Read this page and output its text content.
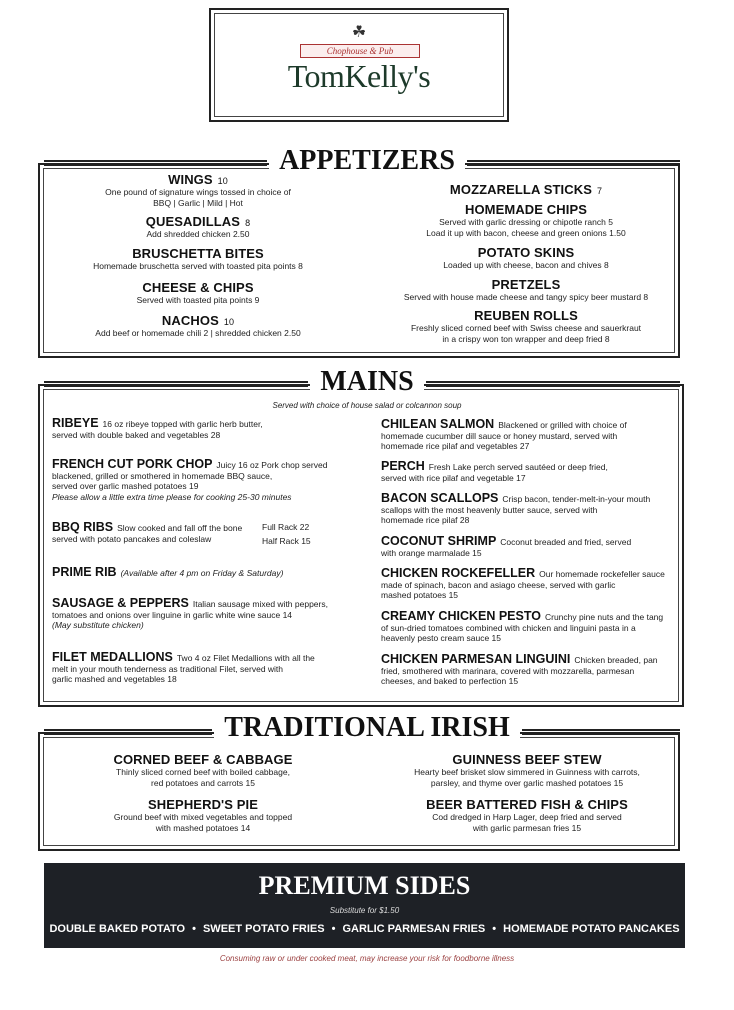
☘
Chophouse & Pub
TomKelly's
APPETIZERS
WINGS 10
One pound of signature wings tossed in choice of
BBQ | Garlic | Mild | Hot
QUESADILLAS 8
Add shredded chicken 2.50
BRUSCHETTA BITES
Homemade bruschetta served with toasted pita points 8
CHEESE & CHIPS
Served with toasted pita points 9
NACHOS 10
Add beef or homemade chili 2 | shredded chicken 2.50
MOZZARELLA STICKS 7
HOMEMADE CHIPS
Served with garlic dressing or chipotle ranch 5
Load it up with bacon, cheese and green onions 1.50
POTATO SKINS
Loaded up with cheese, bacon and chives 8
PRETZELS
Served with house made cheese and tangy spicy beer mustard 8
REUBEN ROLLS
Freshly sliced corned beef with Swiss cheese and sauerkraut
in a crispy won ton wrapper and deep fried 8
MAINS
Served with choice of house salad or colcannon soup
RIBEYE 16 oz ribeye topped with garlic herb butter,
served with double baked and vegetables 28
FRENCH CUT PORK CHOP Juicy 16 oz Pork chop served
blackened, grilled or smothered in homemade BBQ sauce,
served over garlic mashed potatoes 19
Please allow a little extra time please for cooking 25-30 minutes
BBQ RIBS Slow cooked and fall off the bone Full Rack 22
served with potato pancakes and coleslaw	Half Rack 15
PRIME RIB (Available after 4 pm on Friday & Saturday)
SAUSAGE & PEPPERS Italian sausage mixed with peppers,
tomatoes and onions over linguine in garlic white wine sauce 14
(May substitute chicken)
FILET MEDALLIONS Two 4 oz Filet Medallions with all the
melt in your mouth tenderness as traditional Filet, served with
garlic mashed and vegetables 18
CHILEAN SALMON Blackened or grilled with choice of
homemade cucumber dill sauce or honey mustard, served with
homemade rice pilaf and vegetables 27
PERCH Fresh Lake perch served sautéed or deep fried,
served with rice pilaf and vegetable 17
BACON SCALLOPS Crisp bacon, tender-melt-in-your mouth
scallops with the most heavenly butter sauce, served with
homemade rice pilaf 28
COCONUT SHRIMP Coconut breaded and fried, served
with orange marmalade 15
CHICKEN ROCKEFELLER Our homemade rockefeller sauce
made of spinach, bacon and asiago cheese, served with garlic
mashed potatoes 15
CREAMY CHICKEN PESTO Crunchy pine nuts and the tang
of sun-dried tomatoes combined with chicken and linguini pasta in a
heavenly pesto cream sauce 15
CHICKEN PARMESAN LINGUINI Chicken breaded, pan
fried, smothered with marinara, covered with mozzarella, parmesan
cheeses, and baked to perfection 15
TRADITIONAL IRISH
CORNED BEEF & CABBAGE
Thinly sliced corned beef with boiled cabbage,
red potatoes and carrots 15
SHEPHERD'S PIE
Ground beef with mixed vegetables and topped
with mashed potatoes 14
GUINNESS BEEF STEW
Hearty beef brisket slow simmered in Guinness with carrots,
parsley, and thyme over garlic mashed potatoes 15
BEER BATTERED FISH & CHIPS
Cod dredged in Harp Lager, deep fried and served
with garlic parmesan fries 15
PREMIUM SIDES
Substitute for $1.50
DOUBLE BAKED POTATO • SWEET POTATO FRIES • GARLIC PARMESAN FRIES • HOMEMADE POTATO PANCAKES
Consuming raw or under cooked meat, may increase your risk for foodborne illness
